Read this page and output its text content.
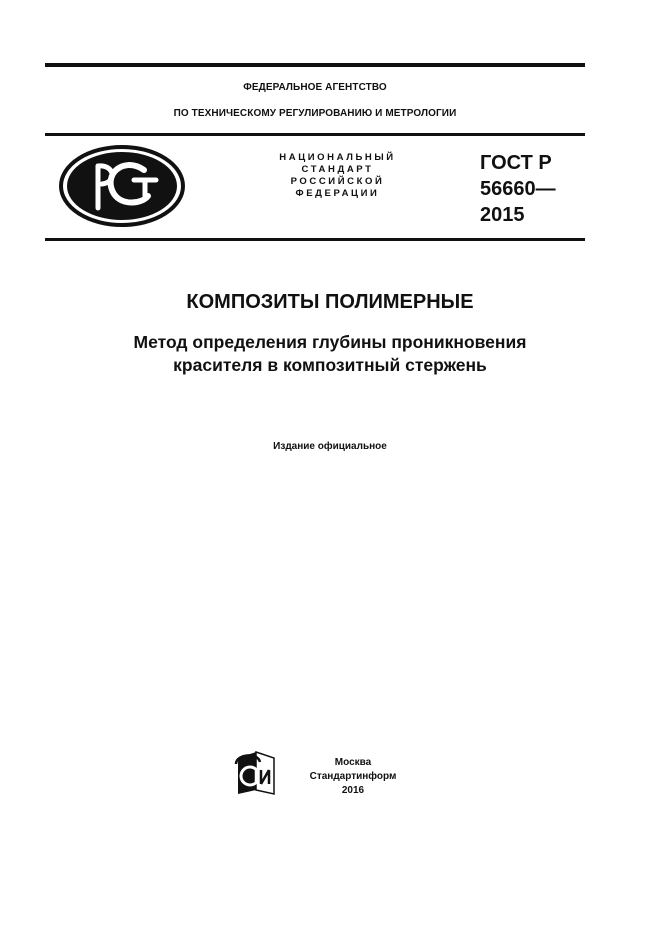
ФЕДЕРАЛЬНОЕ АГЕНТСТВО
ПО ТЕХНИЧЕСКОМУ РЕГУЛИРОВАНИЮ И МЕТРОЛОГИИ
НАЦИОНАЛЬНЫЙ
СТАНДАРТ
РОССИЙСКОЙ
ФЕДЕРАЦИИ
ГОСТ Р
56660—
2015
КОМПОЗИТЫ ПОЛИМЕРНЫЕ
Метод определения глубины проникновения
красителя в композитный стержень
Издание официальное
Москва
Стандартинформ
2016
